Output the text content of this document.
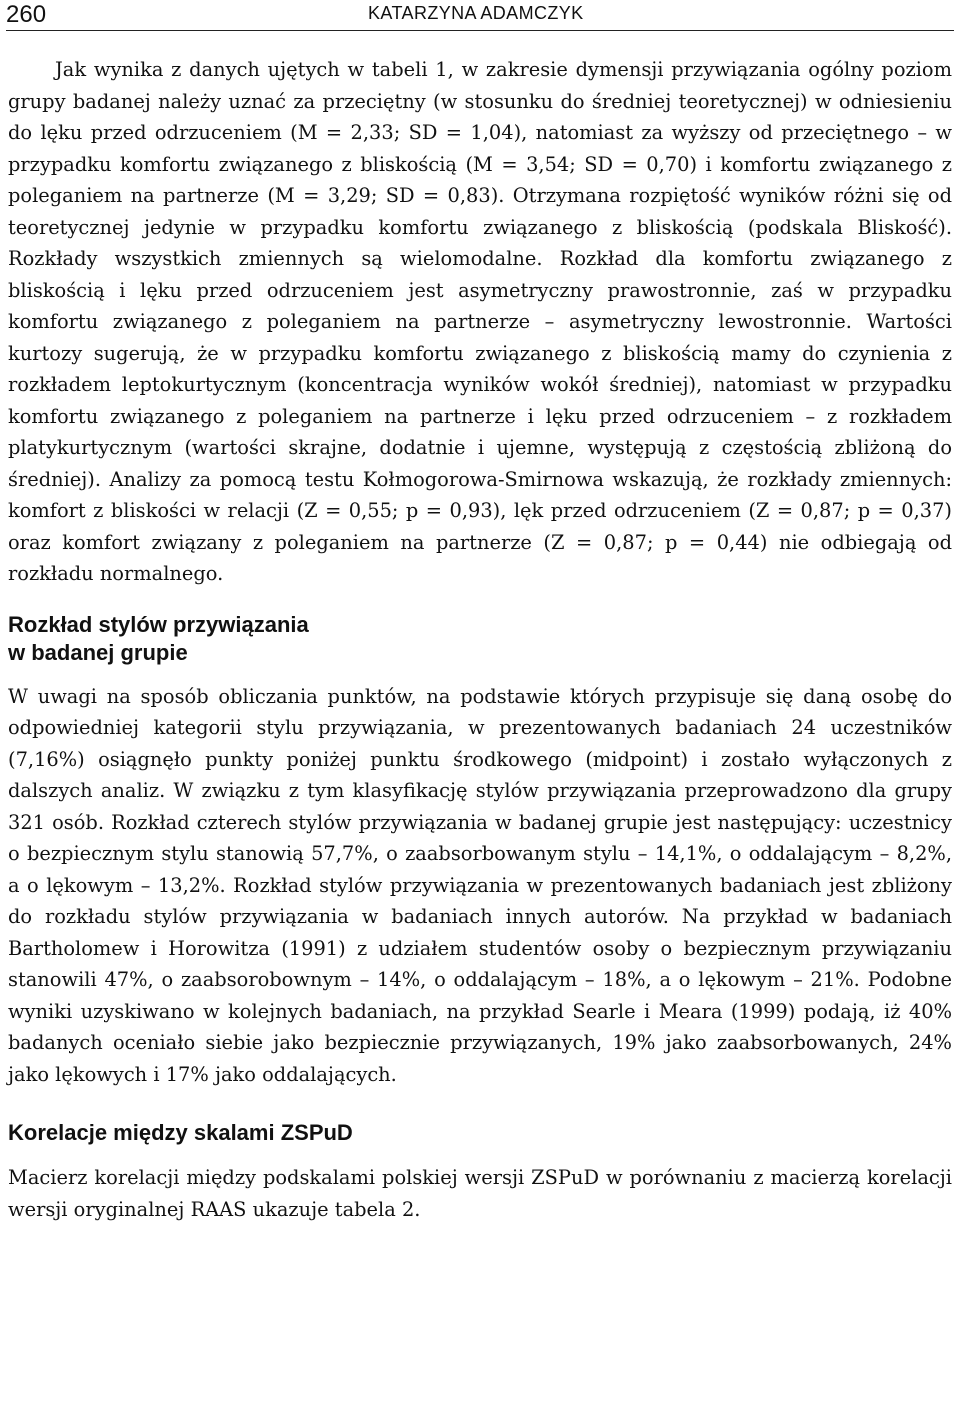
260	KATARZYNA ADAMCZYK

Jak wynika z danych ujętych w tabeli 1, w zakresie dymensji przywiązania ogólny poziom grupy badanej należy uznać za przeciętny (w stosunku do średniej teoretycznej) w odniesieniu do lęku przed odrzuceniem (M = 2,33; SD = 1,04), natomiast za wyższy od przeciętnego – w przypadku komfortu związanego z bliskością (M = 3,54; SD = 0,70) i komfortu związanego z poleganiem na partnerze (M = 3,29; SD = 0,83). Otrzymana rozpiętość wyników różni się od teoretycznej jedynie w przypadku komfortu związanego z bliskością (podskala Bliskość). Rozkłady wszystkich zmiennych są wielomodalne. Rozkład dla komfortu związanego z bliskością i lęku przed odrzuceniem jest asymetryczny prawostronnie, zaś w przypadku komfortu związanego z poleganiem na partnerze – asymetryczny lewostronnie. Wartości kurtozy sugerują, że w przypadku komfortu związanego z bliskością mamy do czynienia z rozkładem leptokurtycznym (koncentracja wyników wokół średniej), natomiast w przypadku komfortu związanego z poleganiem na partnerze i lęku przed odrzuceniem – z rozkładem platykurtycznym (wartości skrajne, dodatnie i ujemne, występują z częstością zbliżoną do średniej). Analizy za pomocą testu Kołmogorowa-Smirnowa wskazują, że rozkłady zmiennych: komfort z bliskości w relacji (Z = 0,55; p = 0,93), lęk przed odrzuceniem (Z = 0,87; p = 0,37) oraz komfort związany z poleganiem na partnerze (Z = 0,87; p = 0,44) nie odbiegają od rozkładu normalnego.

Rozkład stylów przywiązania
w badanej grupie

W uwagi na sposób obliczania punktów, na podstawie których przypisuje się daną osobę do odpowiedniej kategorii stylu przywiązania, w prezentowanych badaniach 24 uczestników (7,16%) osiągnęło punkty poniżej punktu środkowego (midpoint) i zostało wyłączonych z dalszych analiz. W związku z tym klasyfikację stylów przywiązania przeprowadzono dla grupy 321 osób. Rozkład czterech stylów przywiązania w badanej grupie jest następujący: uczestnicy o bezpiecznym stylu stanowią 57,7%, o zaabsorbowanym stylu – 14,1%, o oddalającym – 8,2%, a o lękowym – 13,2%. Rozkład stylów przywiązania w prezentowanych badaniach jest zbliżony do rozkładu stylów przywiązania w badaniach innych autorów. Na przykład w badaniach Bartholomew i Horowitza (1991) z udziałem studentów osoby o bezpiecznym przywiązaniu stanowili 47%, o zaabsorobownym – 14%, o oddalającym – 18%, a o lękowym – 21%. Podobne wyniki uzyskiwano w kolejnych badaniach, na przykład Searle i Meara (1999) podają, iż 40% badanych oceniało siebie jako bezpiecznie przywiązanych, 19% jako zaabsorbowanych, 24% jako lękowych i 17% jako oddalających.

Korelacje między skalami ZSPuD

Macierz korelacji między podskalami polskiej wersji ZSPuD w porównaniu z macierzą korelacji wersji oryginalnej RAAS ukazuje tabela 2.
